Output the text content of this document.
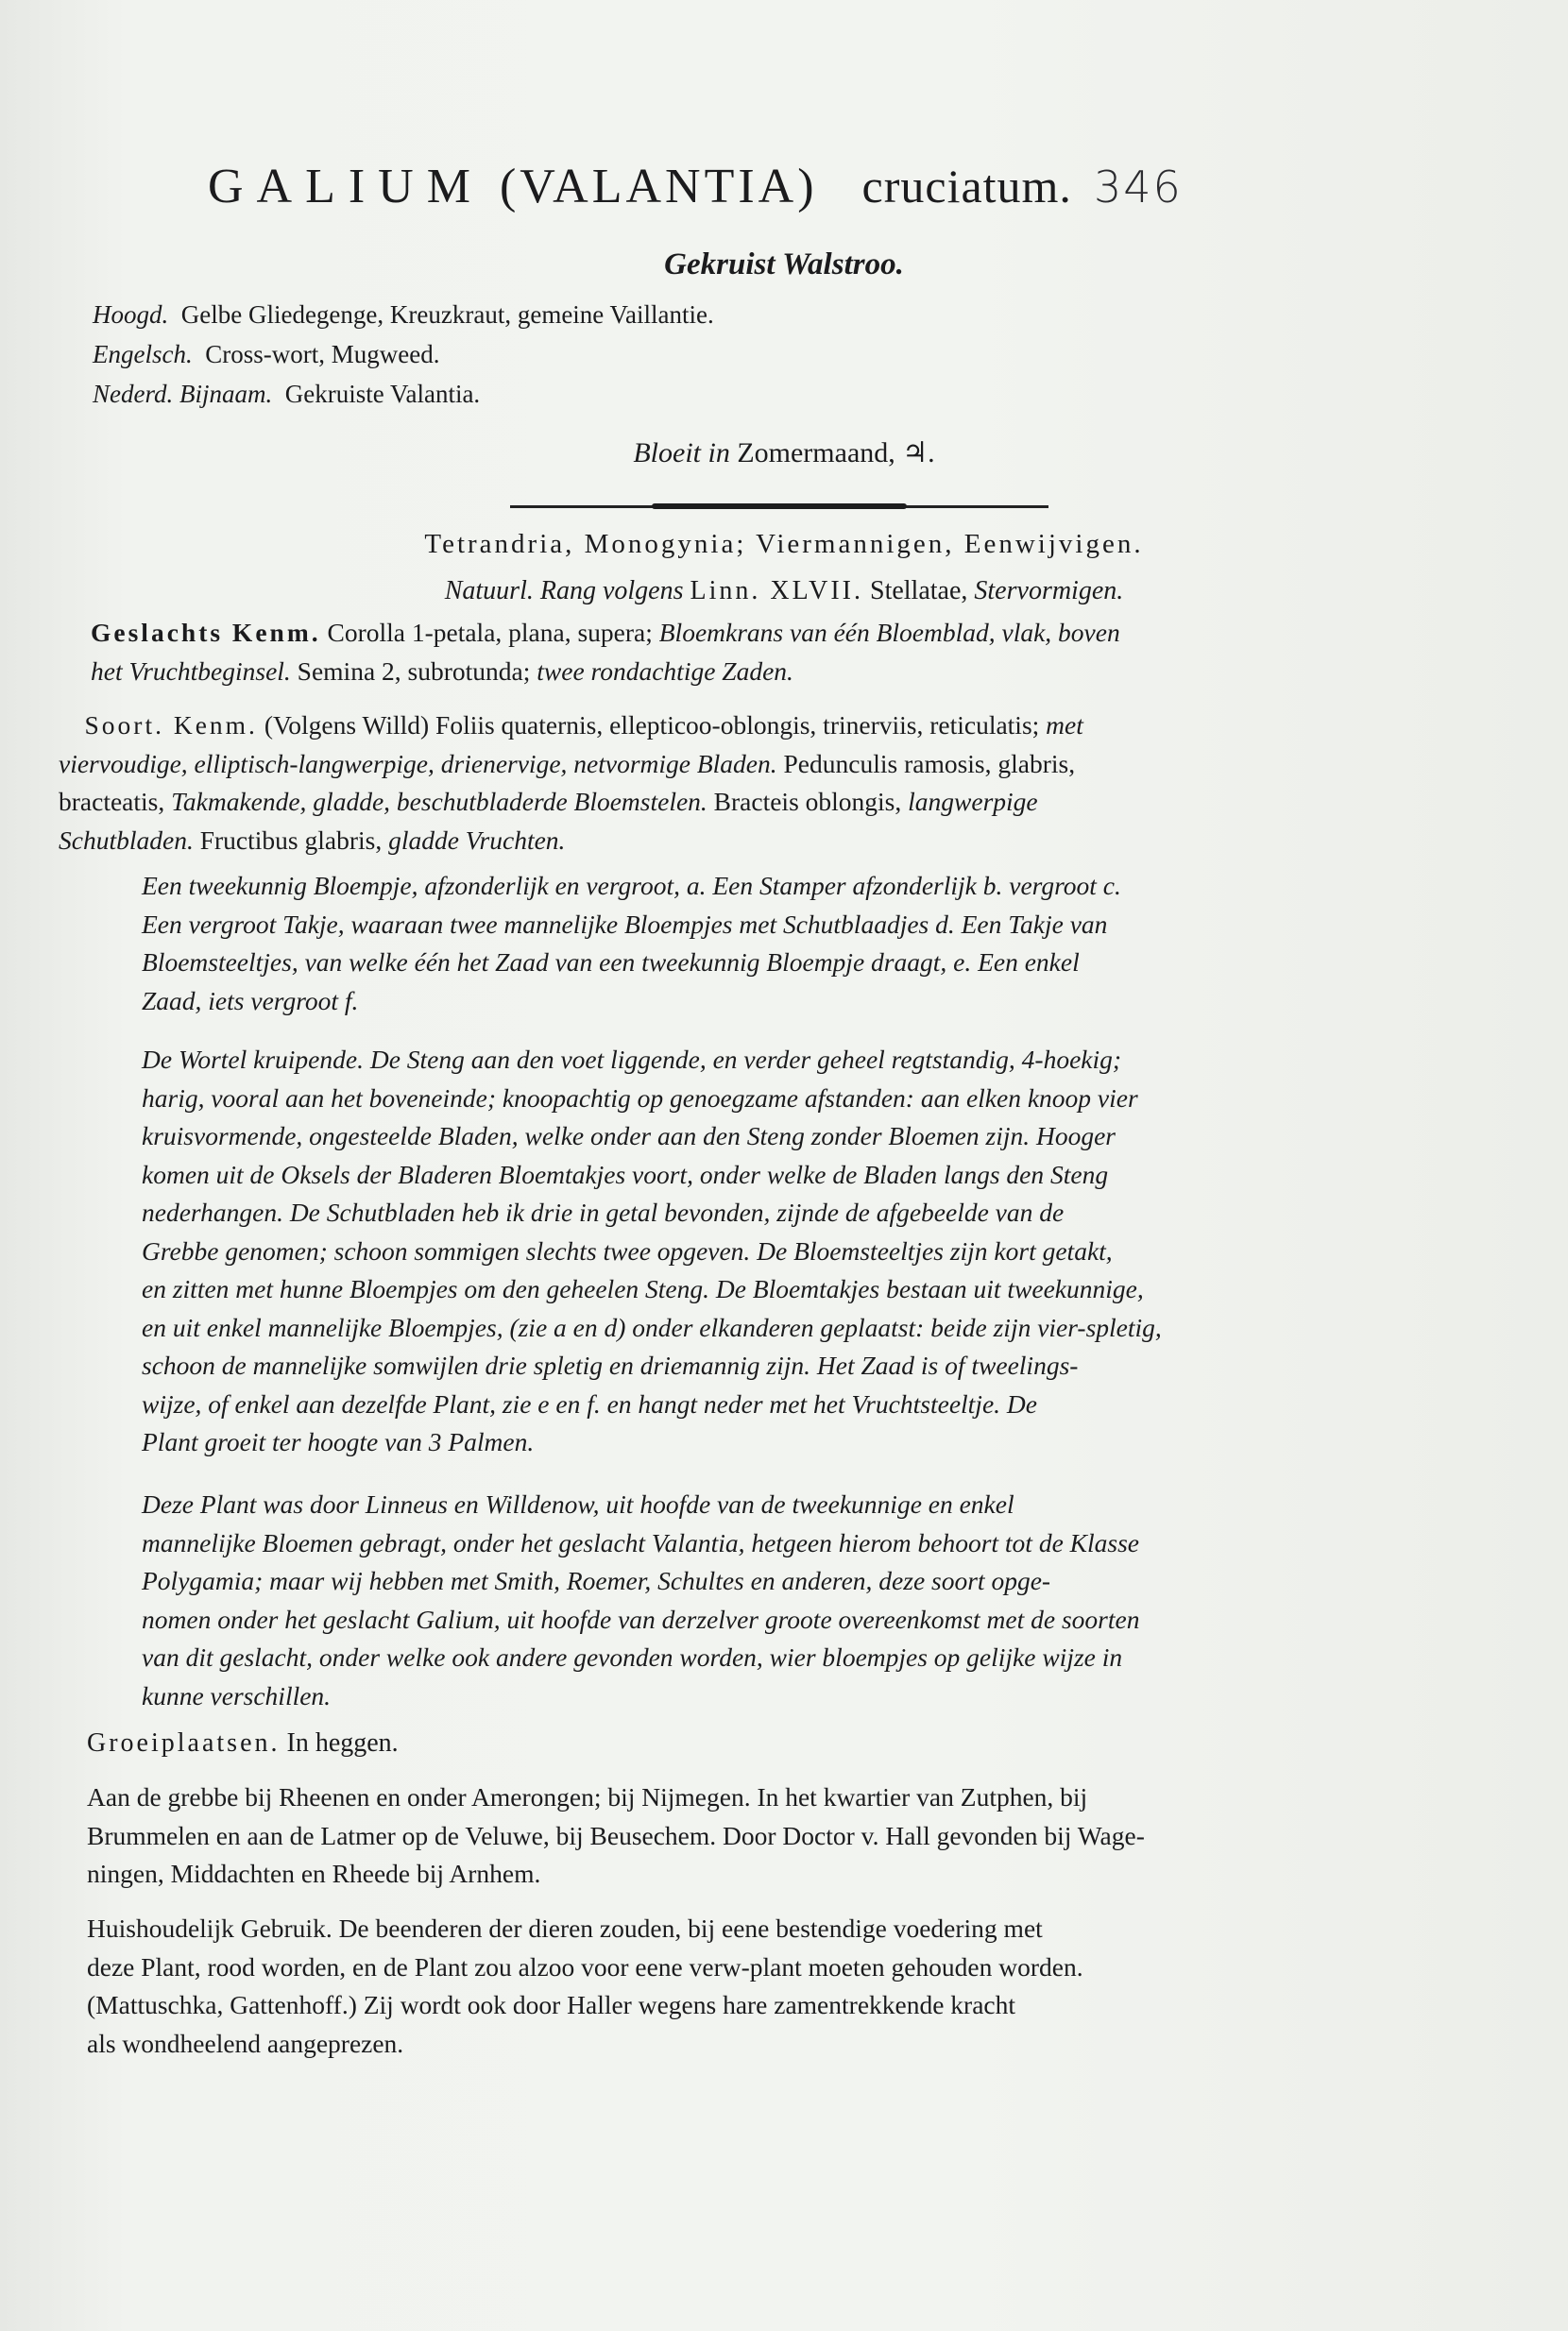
GALIUM (VALANTIA) cruciatum. 346
Gekruist Walstroo.
Hoogd. Gelbe Gliedegenge, Kreuzkraut, gemeine Vaillantie.
Engelsch. Cross-wort, Mugweed.
Nederd. Bijnaam. Gekruiste Valantia.
Bloeit in Zomermaand, ♃.
Tetrandria, Monogynia; Viermannigen, Eenwijvigen.
Natuurl. Rang volgens Linn. XLVII. Stellatae, Stervormigen.

Geslachts Kenm. Corolla 1-petala, plana, supera; Bloemkrans van één Bloemblad, vlak, boven

het Vruchtbeginsel. Semina 2, subrotunda; twee rondachtige Zaden.

Soort. Kenm. (Volgens Willd) Foliis quaternis, ellepticoo-oblongis, trinerviis, reticulatis; met

viervoudige, elliptisch-langwerpige, drienervige, netvormige Bladen. Pedunculis ramosis, glabris,

bracteatis, Takmakende, gladde, beschutbladerde Bloemstelen. Bracteis oblongis, langwerpige

Schutbladen. Fructibus glabris, gladde Vruchten.

Een tweekunnig Bloempje, afzonderlijk en vergroot, a. Een Stamper afzonderlijk b. vergroot c.

Een vergroot Takje, waaraan twee mannelijke Bloempjes met Schutblaadjes d. Een Takje van

Bloemsteeltjes, van welke één het Zaad van een tweekunnig Bloempje draagt, e. Een enkel

Zaad, iets vergroot f.

De Wortel kruipende. De Steng aan den voet liggende, en verder geheel regtstandig, 4-hoekig;

harig, vooral aan het boveneinde; knoopachtig op genoegzame afstanden: aan elken knoop vier

kruisvormende, ongesteelde Bladen, welke onder aan den Steng zonder Bloemen zijn. Hooger

komen uit de Oksels der Bladeren Bloemtakjes voort, onder welke de Bladen langs den Steng

nederhangen. De Schutbladen heb ik drie in getal bevonden, zijnde de afgebeelde van de

Grebbe genomen; schoon sommigen slechts twee opgeven. De Bloemsteeltjes zijn kort getakt,

en zitten met hunne Bloempjes om den geheelen Steng. De Bloemtakjes bestaan uit tweekunnige,

en uit enkel mannelijke Bloempjes, (zie a en d) onder elkanderen geplaatst: beide zijn vier-spletig,

schoon de mannelijke somwijlen drie spletig en driemannig zijn. Het Zaad is of tweelings-

wijze, of enkel aan dezelfde Plant, zie e en f. en hangt neder met het Vruchtsteeltje. De

Plant groeit ter hoogte van 3 Palmen.

Deze Plant was door Linneus en Willdenow, uit hoofde van de tweekunnige en enkel

mannelijke Bloemen gebragt, onder het geslacht Valantia, hetgeen hierom behoort tot de Klasse

Polygamia; maar wij hebben met Smith, Roemer, Schultes en anderen, deze soort opge-

nomen onder het geslacht Galium, uit hoofde van derzelver groote overeenkomst met de soorten

van dit geslacht, onder welke ook andere gevonden worden, wier bloempjes op gelijke wijze in

kunne verschillen.

Groeiplaatsen. In heggen.

Aan de grebbe bij Rheenen en onder Amerongen; bij Nijmegen. In het kwartier van Zutphen, bij

Brummelen en aan de Latmer op de Veluwe, bij Beusechem. Door Doctor v. Hall gevonden bij Wage-

ningen, Middachten en Rheede bij Arnhem.

Huishoudelijk Gebruik. De beenderen der dieren zouden, bij eene bestendige voedering met

deze Plant, rood worden, en de Plant zou alzoo voor eene verw-plant moeten gehouden worden.

(Mattuschka, Gattenhoff.) Zij wordt ook door Haller wegens hare zamentrekkende kracht

als wondheelend aangeprezen.
